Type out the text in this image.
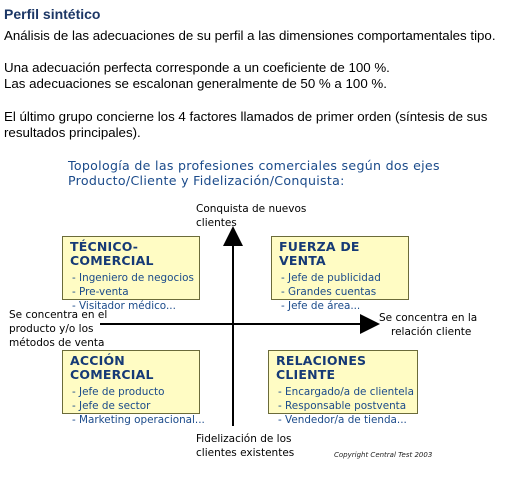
Perfil sintético
Análisis de las adecuaciones de su perfil a las dimensiones comportamentales tipo.
Una adecuación perfecta corresponde a un coeficiente de 100 %.
Las adecuaciones se escalonan generalmente de 50 % a 100 %.
El último grupo concierne los 4 factores llamados de primer orden (síntesis de sus resultados principales).
Topología de las profesiones comerciales según dos ejes
Producto/Cliente y Fidelización/Conquista:
Conquista de nuevos
clientes
Se concentra en el
producto y/o los
métodos de venta
Se concentra en la
relación cliente
Fidelización de los
clientes existentes
TÉCNICO-COMERCIAL
- Ingeniero de negocios
- Pre-venta
- Visitador médico...
FUERZA DE VENTA
- Jefe de publicidad
- Grandes cuentas
- Jefe de área...
ACCIÓN COMERCIAL
- Jefe de producto
- Jefe de sector
- Marketing operacional...
RELACIONES CLIENTE
- Encargado/a de clientela
- Responsable postventa
- Vendedor/a de tienda...
Copyright Central Test 2003
